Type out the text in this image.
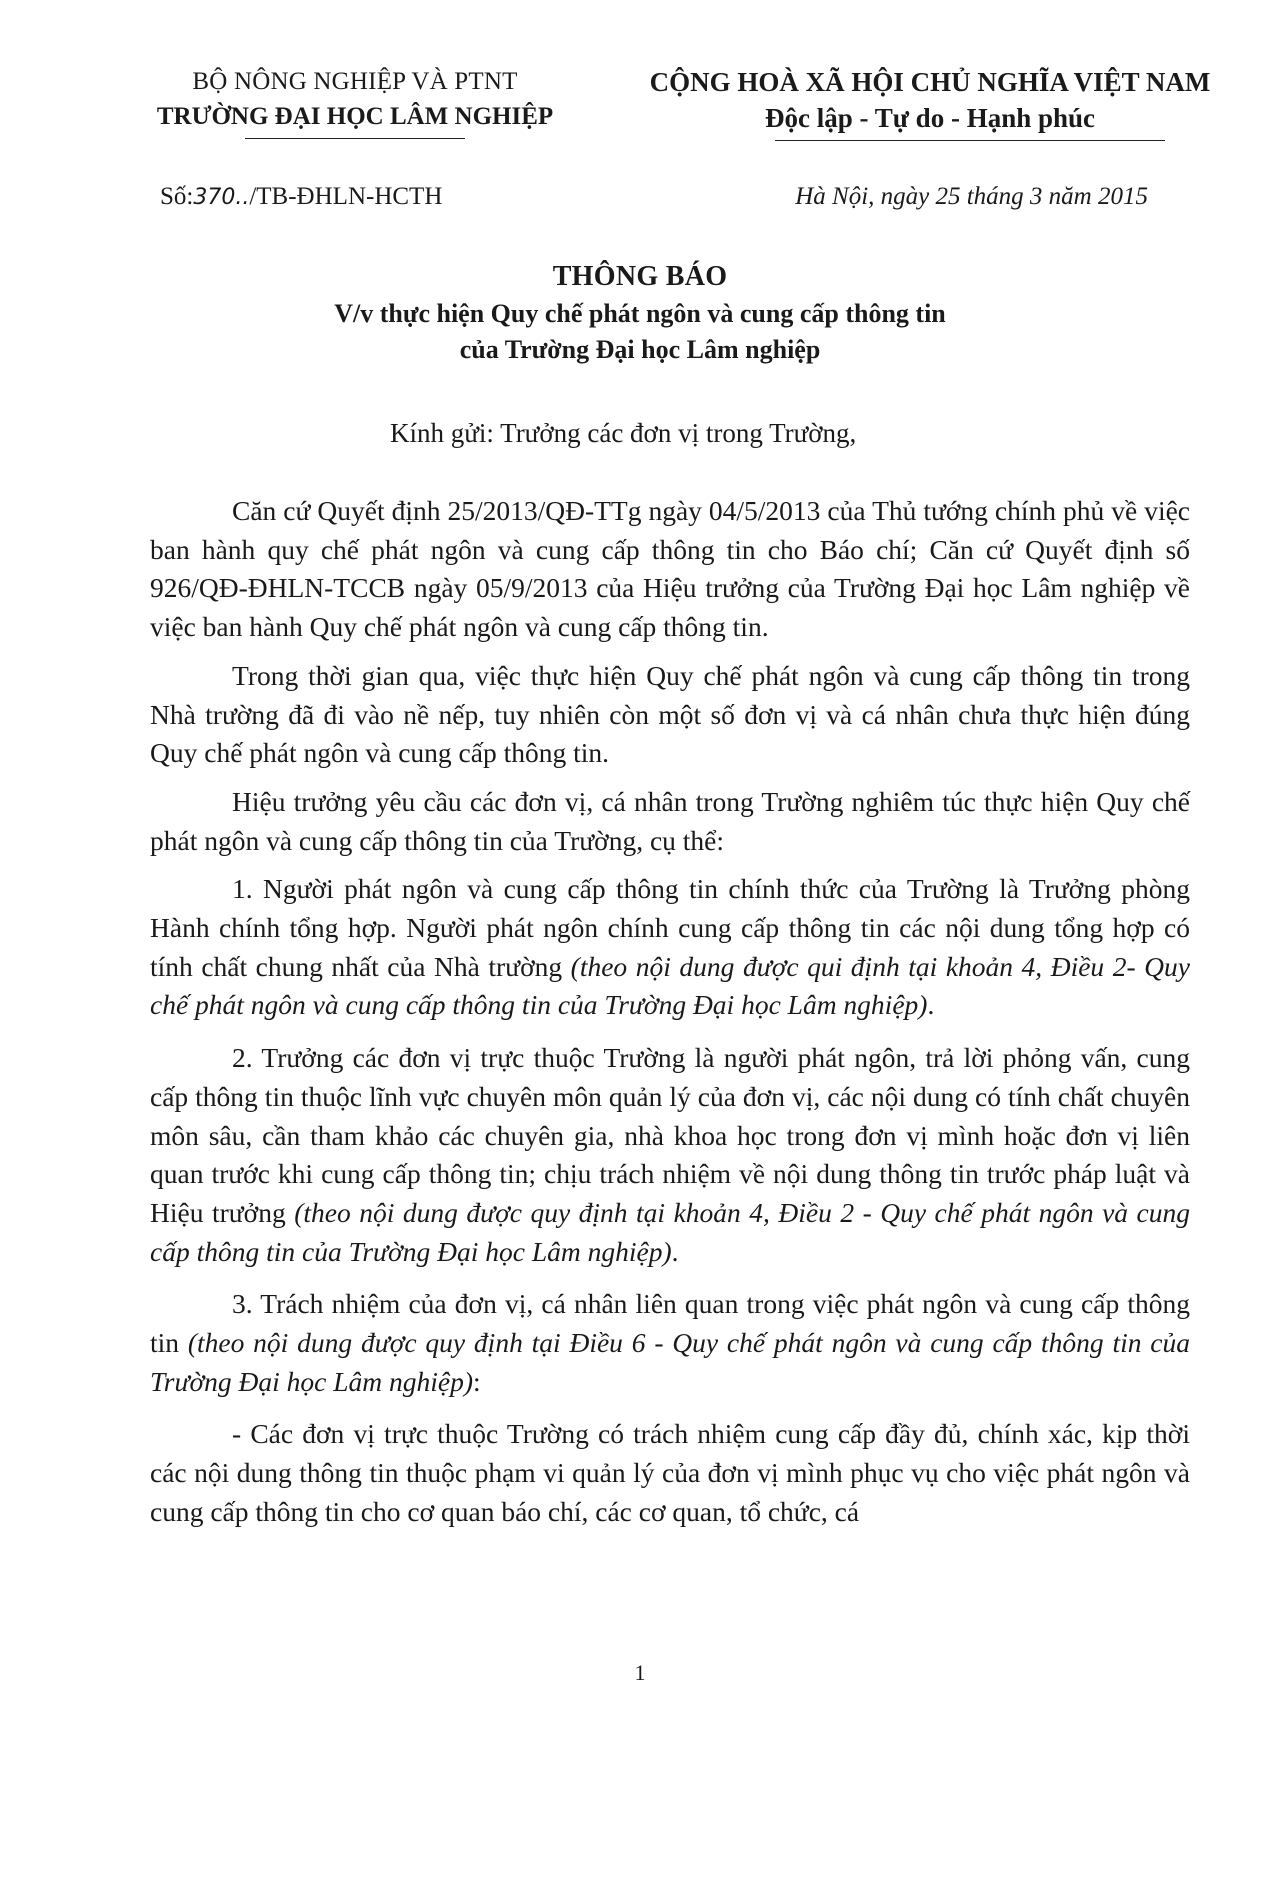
BỘ NÔNG NGHIỆP VÀ PTNT
TRƯỜNG ĐẠI HỌC LÂM NGHIỆP
CỘNG HOÀ XÃ HỘI CHỦ NGHĨA VIỆT NAM
Độc lập - Tự do - Hạnh phúc
Số:370../TB-ĐHLN-HCTH	Hà Nội, ngày 25 tháng 3 năm 2015
THÔNG BÁO
V/v thực hiện Quy chế phát ngôn và cung cấp thông tin
của Trường Đại học Lâm nghiệp
Kính gửi: Trưởng các đơn vị trong Trường,

Căn cứ Quyết định 25/2013/QĐ-TTg ngày 04/5/2013 của Thủ tướng chính phủ về việc ban hành quy chế phát ngôn và cung cấp thông tin cho Báo chí; Căn cứ Quyết định số 926/QĐ-ĐHLN-TCCB ngày 05/9/2013 của Hiệu trưởng của Trường Đại học Lâm nghiệp về việc ban hành Quy chế phát ngôn và cung cấp thông tin.

Trong thời gian qua, việc thực hiện Quy chế phát ngôn và cung cấp thông tin trong Nhà trường đã đi vào nề nếp, tuy nhiên còn một số đơn vị và cá nhân chưa thực hiện đúng Quy chế phát ngôn và cung cấp thông tin.

Hiệu trưởng yêu cầu các đơn vị, cá nhân trong Trường nghiêm túc thực hiện Quy chế phát ngôn và cung cấp thông tin của Trường, cụ thể:

1. Người phát ngôn và cung cấp thông tin chính thức của Trường là Trưởng phòng Hành chính tổng hợp. Người phát ngôn chính cung cấp thông tin các nội dung tổng hợp có tính chất chung nhất của Nhà trường (theo nội dung được qui định tại khoản 4, Điều 2- Quy chế phát ngôn và cung cấp thông tin của Trường Đại học Lâm nghiệp).

2. Trưởng các đơn vị trực thuộc Trường là người phát ngôn, trả lời phỏng vấn, cung cấp thông tin thuộc lĩnh vực chuyên môn quản lý của đơn vị, các nội dung có tính chất chuyên môn sâu, cần tham khảo các chuyên gia, nhà khoa học trong đơn vị mình hoặc đơn vị liên quan trước khi cung cấp thông tin; chịu trách nhiệm về nội dung thông tin trước pháp luật và Hiệu trưởng (theo nội dung được quy định tại khoản 4, Điều 2 - Quy chế phát ngôn và cung cấp thông tin của Trường Đại học Lâm nghiệp).

3. Trách nhiệm của đơn vị, cá nhân liên quan trong việc phát ngôn và cung cấp thông tin (theo nội dung được quy định tại Điều 6 - Quy chế phát ngôn và cung cấp thông tin của Trường Đại học Lâm nghiệp):

- Các đơn vị trực thuộc Trường có trách nhiệm cung cấp đầy đủ, chính xác, kịp thời các nội dung thông tin thuộc phạm vi quản lý của đơn vị mình phục vụ cho việc phát ngôn và cung cấp thông tin cho cơ quan báo chí, các cơ quan, tổ chức, cá

1
